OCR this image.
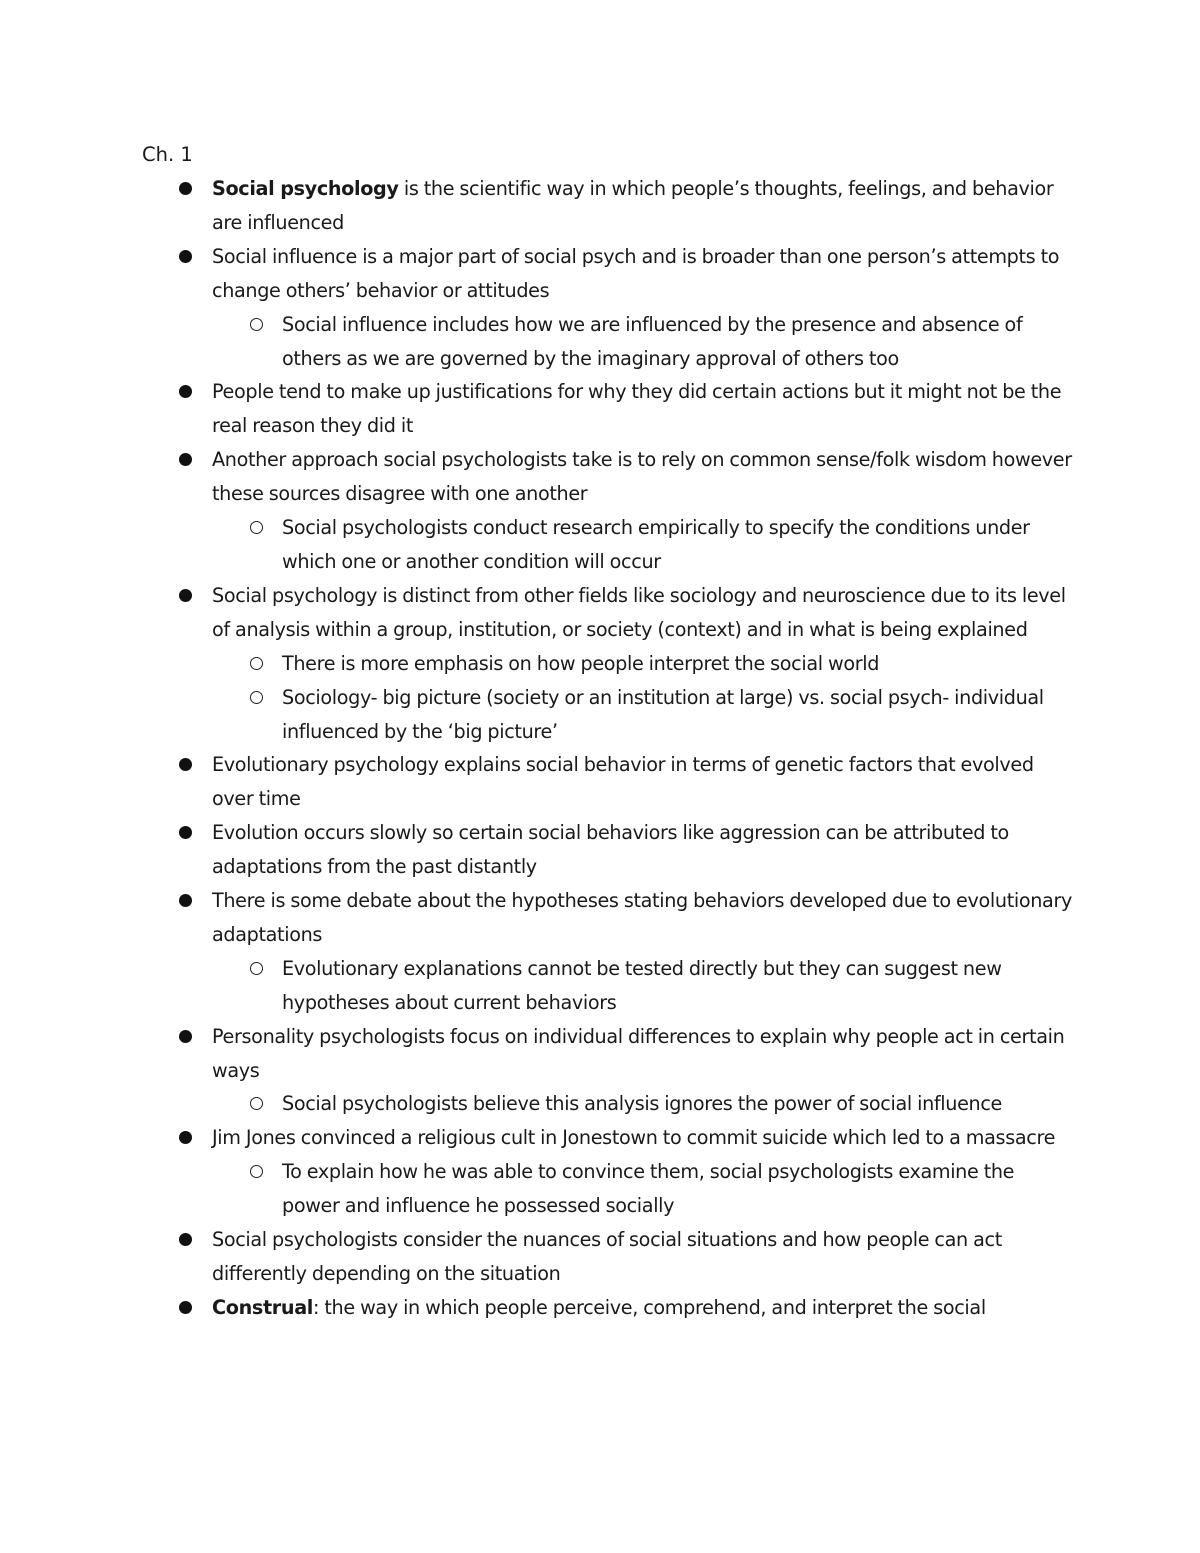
Ch. 1
Social psychology is the scientific way in which people’s thoughts, feelings, and behavior are influenced
Social influence is a major part of social psych and is broader than one person’s attempts to change others’ behavior or attitudes
Social influence includes how we are influenced by the presence and absence of others as we are governed by the imaginary approval of others too
People tend to make up justifications for why they did certain actions but it might not be the real reason they did it
Another approach social psychologists take is to rely on common sense/folk wisdom however these sources disagree with one another
Social psychologists conduct research empirically to specify the conditions under which one or another condition will occur
Social psychology is distinct from other fields like sociology and neuroscience due to its level of analysis within a group, institution, or society (context) and in what is being explained
There is more emphasis on how people interpret the social world
Sociology- big picture (society or an institution at large) vs. social psych- individual influenced by the ‘big picture’
Evolutionary psychology explains social behavior in terms of genetic factors that evolved over time
Evolution occurs slowly so certain social behaviors like aggression can be attributed to adaptations from the past distantly
There is some debate about the hypotheses stating behaviors developed due to evolutionary adaptations
Evolutionary explanations cannot be tested directly but they can suggest new hypotheses about current behaviors
Personality psychologists focus on individual differences to explain why people act in certain ways
Social psychologists believe this analysis ignores the power of social influence
Jim Jones convinced a religious cult in Jonestown to commit suicide which led to a massacre
To explain how he was able to convince them, social psychologists examine the power and influence he possessed socially
Social psychologists consider the nuances of social situations and how people can act differently depending on the situation
Construal: the way in which people perceive, comprehend, and interpret the social
